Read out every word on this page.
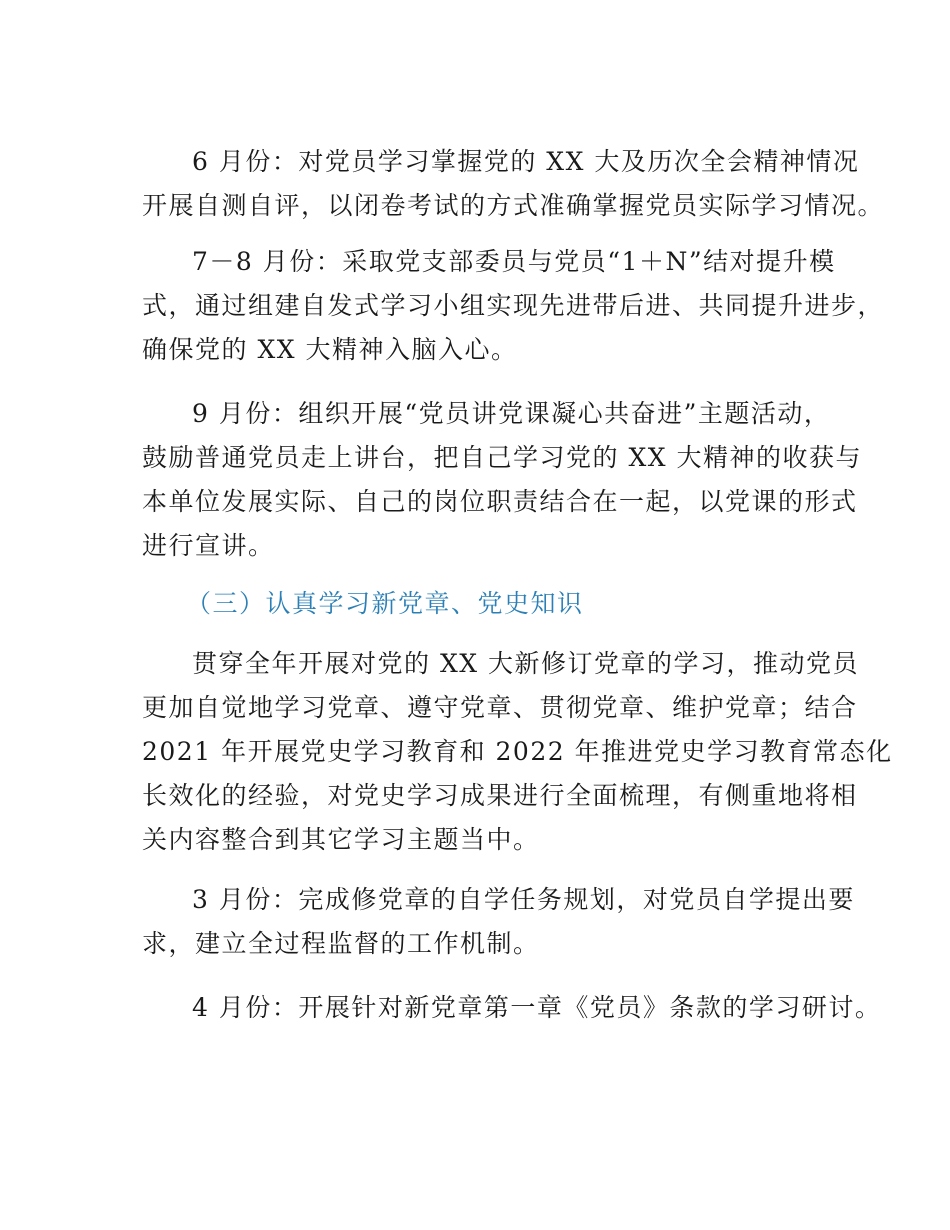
6 月份：对党员学习掌握党的 XX 大及历次全会精神情况
开展自测自评，以闭卷考试的方式准确掌握党员实际学习情况。
7－8 月份：采取党支部委员与党员“1＋N”结对提升模
式，通过组建自发式学习小组实现先进带后进、共同提升进步，
确保党的 XX 大精神入脑入心。
9 月份：组织开展“党员讲党课凝心共奋进”主题活动，
鼓励普通党员走上讲台，把自己学习党的 XX 大精神的收获与
本单位发展实际、自己的岗位职责结合在一起，以党课的形式
进行宣讲。
（三）认真学习新党章、党史知识
贯穿全年开展对党的 XX 大新修订党章的学习，推动党员
更加自觉地学习党章、遵守党章、贯彻党章、维护党章；结合
2021 年开展党史学习教育和 2022 年推进党史学习教育常态化
长效化的经验，对党史学习成果进行全面梳理，有侧重地将相
关内容整合到其它学习主题当中。
3 月份：完成修党章的自学任务规划，对党员自学提出要
求，建立全过程监督的工作机制。
4 月份：开展针对新党章第一章《党员》条款的学习研讨。
